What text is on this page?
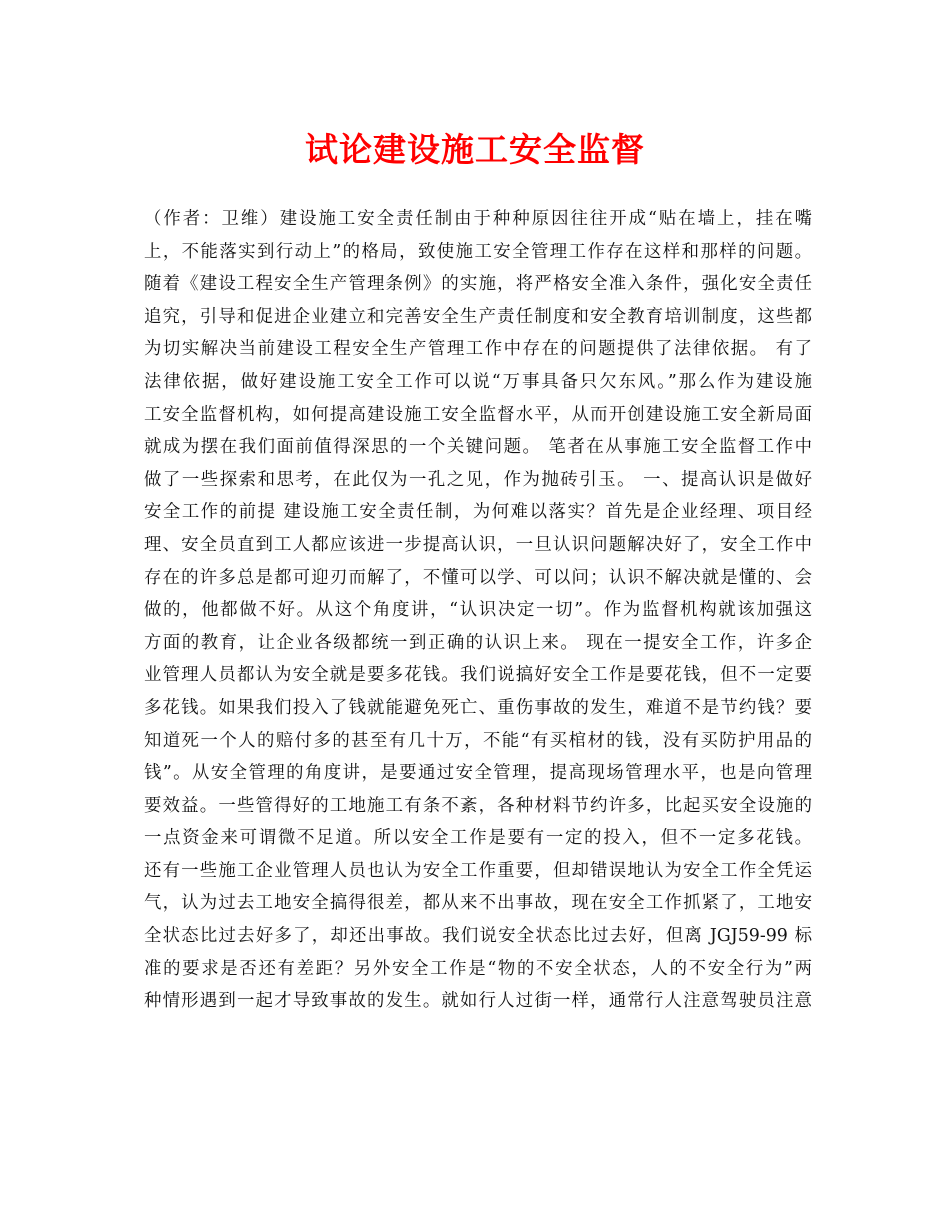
试论建设施工安全监督
（作者：卫维）建设施工安全责任制由于种种原因往往开成“贴在墙上，挂在嘴
上，不能落实到行动上”的格局，致使施工安全管理工作存在这样和那样的问题。
随着《建设工程安全生产管理条例》的实施，将严格安全准入条件，强化安全责任
追究，引导和促进企业建立和完善安全生产责任制度和安全教育培训制度，这些都
为切实解决当前建设工程安全生产管理工作中存在的问题提供了法律依据。 有了
法律依据，做好建设施工安全工作可以说“万事具备只欠东风。”那么作为建设施
工安全监督机构，如何提高建设施工安全监督水平，从而开创建设施工安全新局面
就成为摆在我们面前值得深思的一个关键问题。 笔者在从事施工安全监督工作中
做了一些探索和思考，在此仅为一孔之见，作为抛砖引玉。 一、提高认识是做好
安全工作的前提 建设施工安全责任制，为何难以落实？首先是企业经理、项目经
理、安全员直到工人都应该进一步提高认识，一旦认识问题解决好了，安全工作中
存在的许多总是都可迎刃而解了，不懂可以学、可以问；认识不解决就是懂的、会
做的，他都做不好。从这个角度讲，“认识决定一切”。作为监督机构就该加强这
方面的教育，让企业各级都统一到正确的认识上来。 现在一提安全工作，许多企
业管理人员都认为安全就是要多花钱。我们说搞好安全工作是要花钱，但不一定要
多花钱。如果我们投入了钱就能避免死亡、重伤事故的发生，难道不是节约钱？要
知道死一个人的赔付多的甚至有几十万，不能“有买棺材的钱，没有买防护用品的
钱”。从安全管理的角度讲，是要通过安全管理，提高现场管理水平，也是向管理
要效益。一些管得好的工地施工有条不紊，各种材料节约许多，比起买安全设施的
一点资金来可谓微不足道。所以安全工作是要有一定的投入，但不一定多花钱。
还有一些施工企业管理人员也认为安全工作重要，但却错误地认为安全工作全凭运
气，认为过去工地安全搞得很差，都从来不出事故，现在安全工作抓紧了，工地安
全状态比过去好多了，却还出事故。我们说安全状态比过去好，但离 JGJ59-99 标
准的要求是否还有差距？另外安全工作是“物的不安全状态，人的不安全行为”两
种情形遇到一起才导致事故的发生。就如行人过街一样，通常行人注意驾驶员注意
